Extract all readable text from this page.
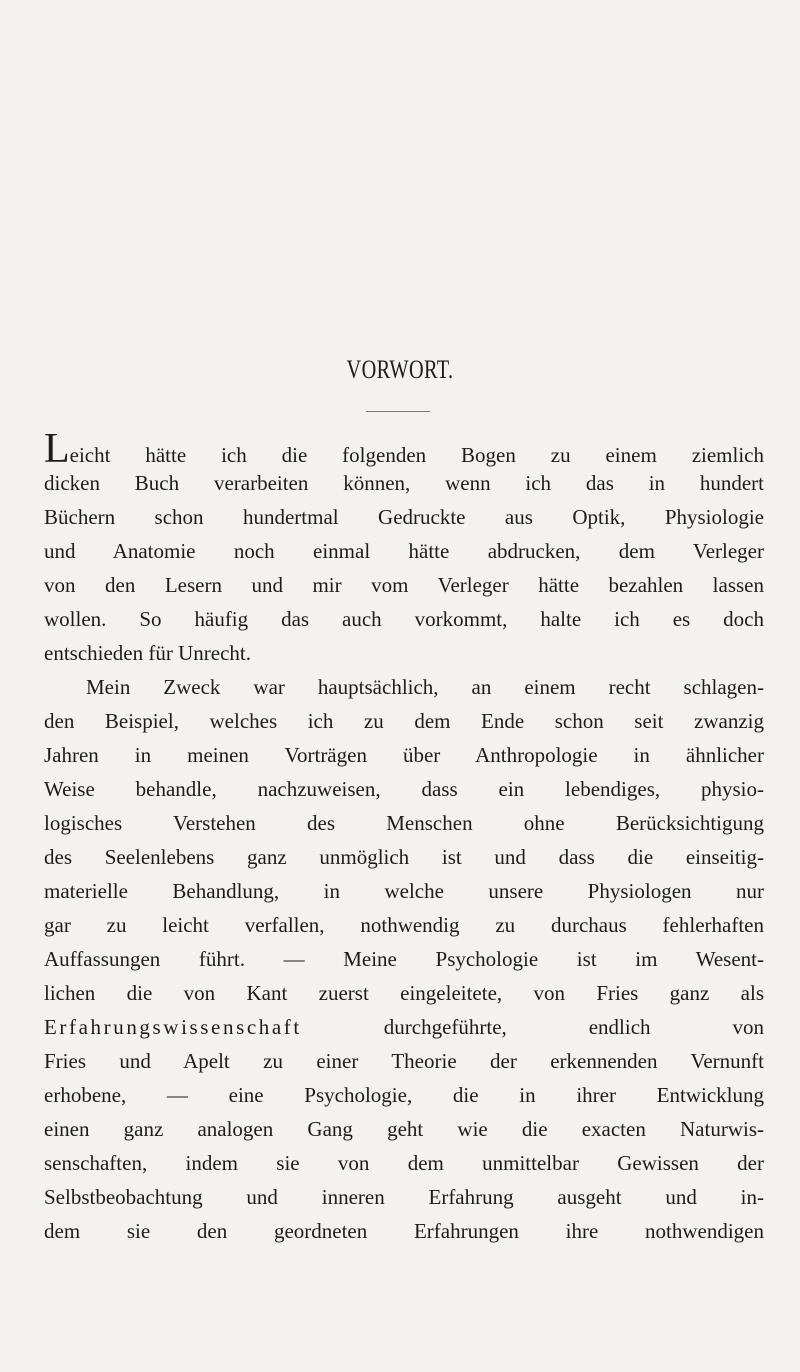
VORWORT.
Leicht hätte ich die folgenden Bogen zu einem ziemlich
dicken Buch verarbeiten können, wenn ich das in hundert
Büchern schon hundertmal Gedruckte aus Optik, Physiologie
und Anatomie noch einmal hätte abdrucken, dem Verleger
von den Lesern und mir vom Verleger hätte bezahlen lassen
wollen. So häufig das auch vorkommt, halte ich es doch
entschieden für Unrecht.
Mein Zweck war hauptsächlich, an einem recht schlagen-
den Beispiel, welches ich zu dem Ende schon seit zwanzig
Jahren in meinen Vorträgen über Anthropologie in ähnlicher
Weise behandle, nachzuweisen, dass ein lebendiges, physio-
logisches Verstehen des Menschen ohne Berücksichtigung
des Seelenlebens ganz unmöglich ist und dass die einseitig-
materielle Behandlung, in welche unsere Physiologen nur
gar zu leicht verfallen, nothwendig zu durchaus fehlerhaften
Auffassungen führt. — Meine Psychologie ist im Wesent-
lichen die von Kant zuerst eingeleitete, von Fries ganz als
Erfahrungswissenschaft	durchgeführte, endlich von
Fries und Apelt zu einer Theorie der erkennenden Vernunft
erhobene, — eine Psychologie, die in ihrer Entwicklung
einen ganz analogen Gang geht wie die exacten Naturwis-
senschaften, indem sie von dem unmittelbar Gewissen der
Selbstbeobachtung und inneren Erfahrung ausgeht und in-
dem sie den geordneten Erfahrungen ihre nothwendigen
